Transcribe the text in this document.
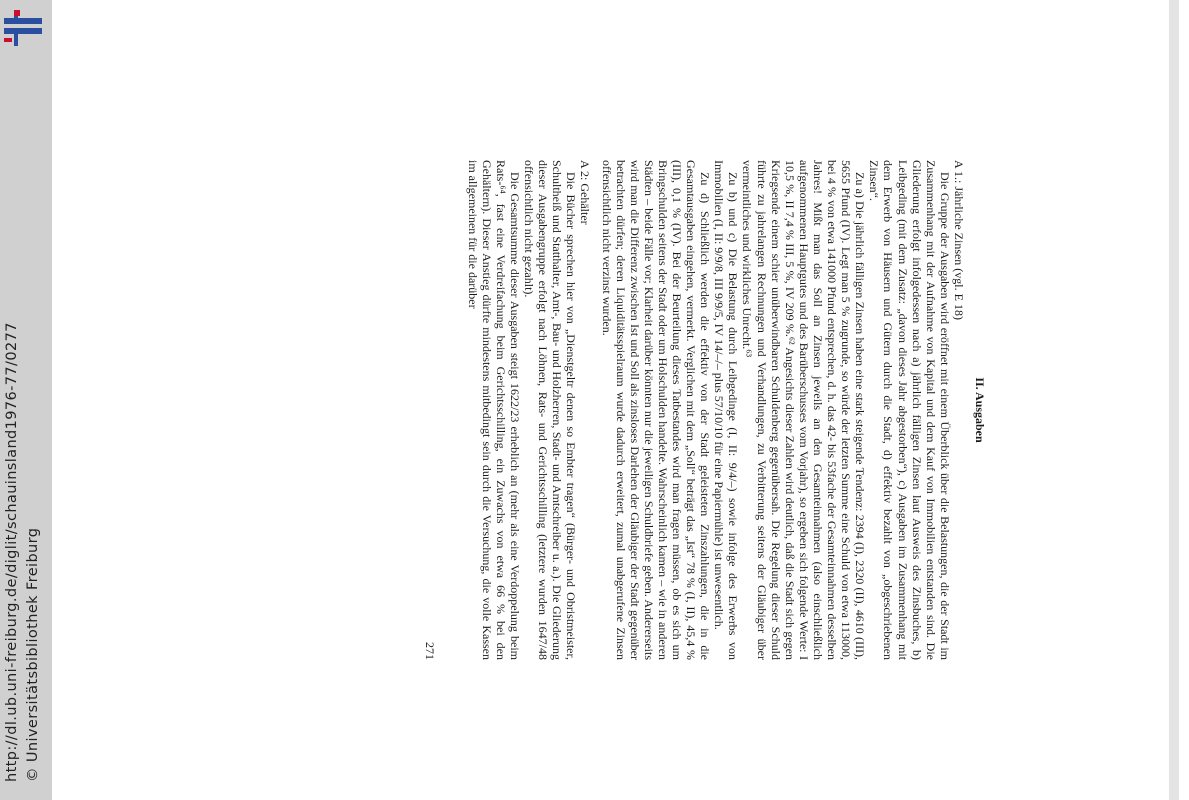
http://dl.ub.uni-freiburg.de/diglit/schauinsland1976-77/0277 © Universitätsbibliothek Freiburg
II. Ausgaben

A 1.: Jährliche Zinsen (vgl. E 18)

Die Gruppe der Ausgaben wird eröffnet mit einem Überblick über die Belastungen, die der Stadt im Zusammenhang mit der Aufnahme von Kapital und dem Kauf von Immobilien entstanden sind. Die Gliederung erfolgt infolgedessen nach a) jährlich fälligen Zinsen laut Ausweis des Zinsbuches, b) Leibgeding (mit dem Zusatz: „davon dieses Jahr abgestorben“), c) Ausgaben im Zusammenhang mit dem Erwerb von Häusern und Gütern durch die Stadt, d) effektiv bezahlt von „obgeschriebenen Zinsen“.

Zu a) Die jährlich fälligen Zinsen haben eine stark steigende Tendenz: 2394 (I), 2320 (II), 4610 (III), 5655 Pfund (IV). Legt man 5 % zugrunde, so würde der letzten Summe eine Schuld von etwa 113000, bei 4 % von etwa 141000 Pfund entsprechen, d. h. das 42- bis 53fache der Gesamteinnahmen desselben Jahres! Mißt man das Soll an Zinsen jeweils an den Gesamteinnahmen (also einschließlich aufgenommenen Hauptgutes und des Barüberschusses vom Vorjahr), so ergeben sich folgende Werte: I 10,5 %, II 7,4 % III, 5 %, IV 209 %.⁶² Angesichts dieser Zahlen wird deutlich, daß die Stadt sich gegen Kriegsende einem schier unüberwindbaren Schuldenberg gegenübersah. Die Regelung dieser Schuld führte zu jahrelangen Rechnungen und Verhandlungen, zu Verbitterung seitens der Gläubiger über vermeintliches und wirkliches Unrecht.⁶³

Zu b) und c) Die Belastung durch Leibgedinge (I, II: 9/4/–) sowie infolge des Erwerbs von Immobilien (I, II: 9/9/8, III 9/9/5, IV 14/–/– plus 57/10/10 für eine Papiermühle) ist unwesentlich.

Zu d) Schließlich werden die effektiv von der Stadt geleisteten Zinszahlungen, die in die Gesamtausgaben eingehen, vermerkt. Verglichen mit dem „Soll“ beträgt das „Ist“ 78 % (I, II), 45,4 % (III), 0,1 % (IV). Bei der Beurteilung dieses Tatbestandes wird man fragen müssen, ob es sich um Bringschulden seitens der Stadt oder um Holschulden handelte. Wahrscheinlich kamen – wie in anderen Städten – beide Fälle vor; Klarheit darüber könnten nur die jeweiligen Schuldbriefe geben. Andererseits wird man die Differenz zwischen Ist und Soll als zinsloses Darlehen der Gläubiger der Stadt gegenüber betrachten dürfen; deren Liquiditätsspielraum wurde dadurch erweitert, zumal unabgerufene Zinsen offensichtlich nicht verzinst wurden.

A 2: Gehälter

Die Bücher sprechen hier von „Dienstgeltr denen so Embter tragen“ (Bürger- und Obristmeister, Schultheiß und Statthalter, Amt-, Bau- und Holzherren, Stadt- und Amtschreiber u. a.). Die Gliederung dieser Ausgabengruppe erfolgt nach Löhnen, Rats- und Gerichtsschilling (letztere wurden 1647/48 offensichtlich nicht gezahlt).

Die Gesamtsumme dieser Ausgaben steigt 1622/23 erheblich an (mehr als eine Verdoppelung beim Rats-⁶⁴, fast eine Verdreifachung beim Gerichtsschilling, ein Zuwachs von etwa 66 % bei den Gehältern). Dieser Anstieg dürfte mindestens mitbedingt sein durch die Versuchung, die volle Kassen im allgemeinen für die darüber

271
